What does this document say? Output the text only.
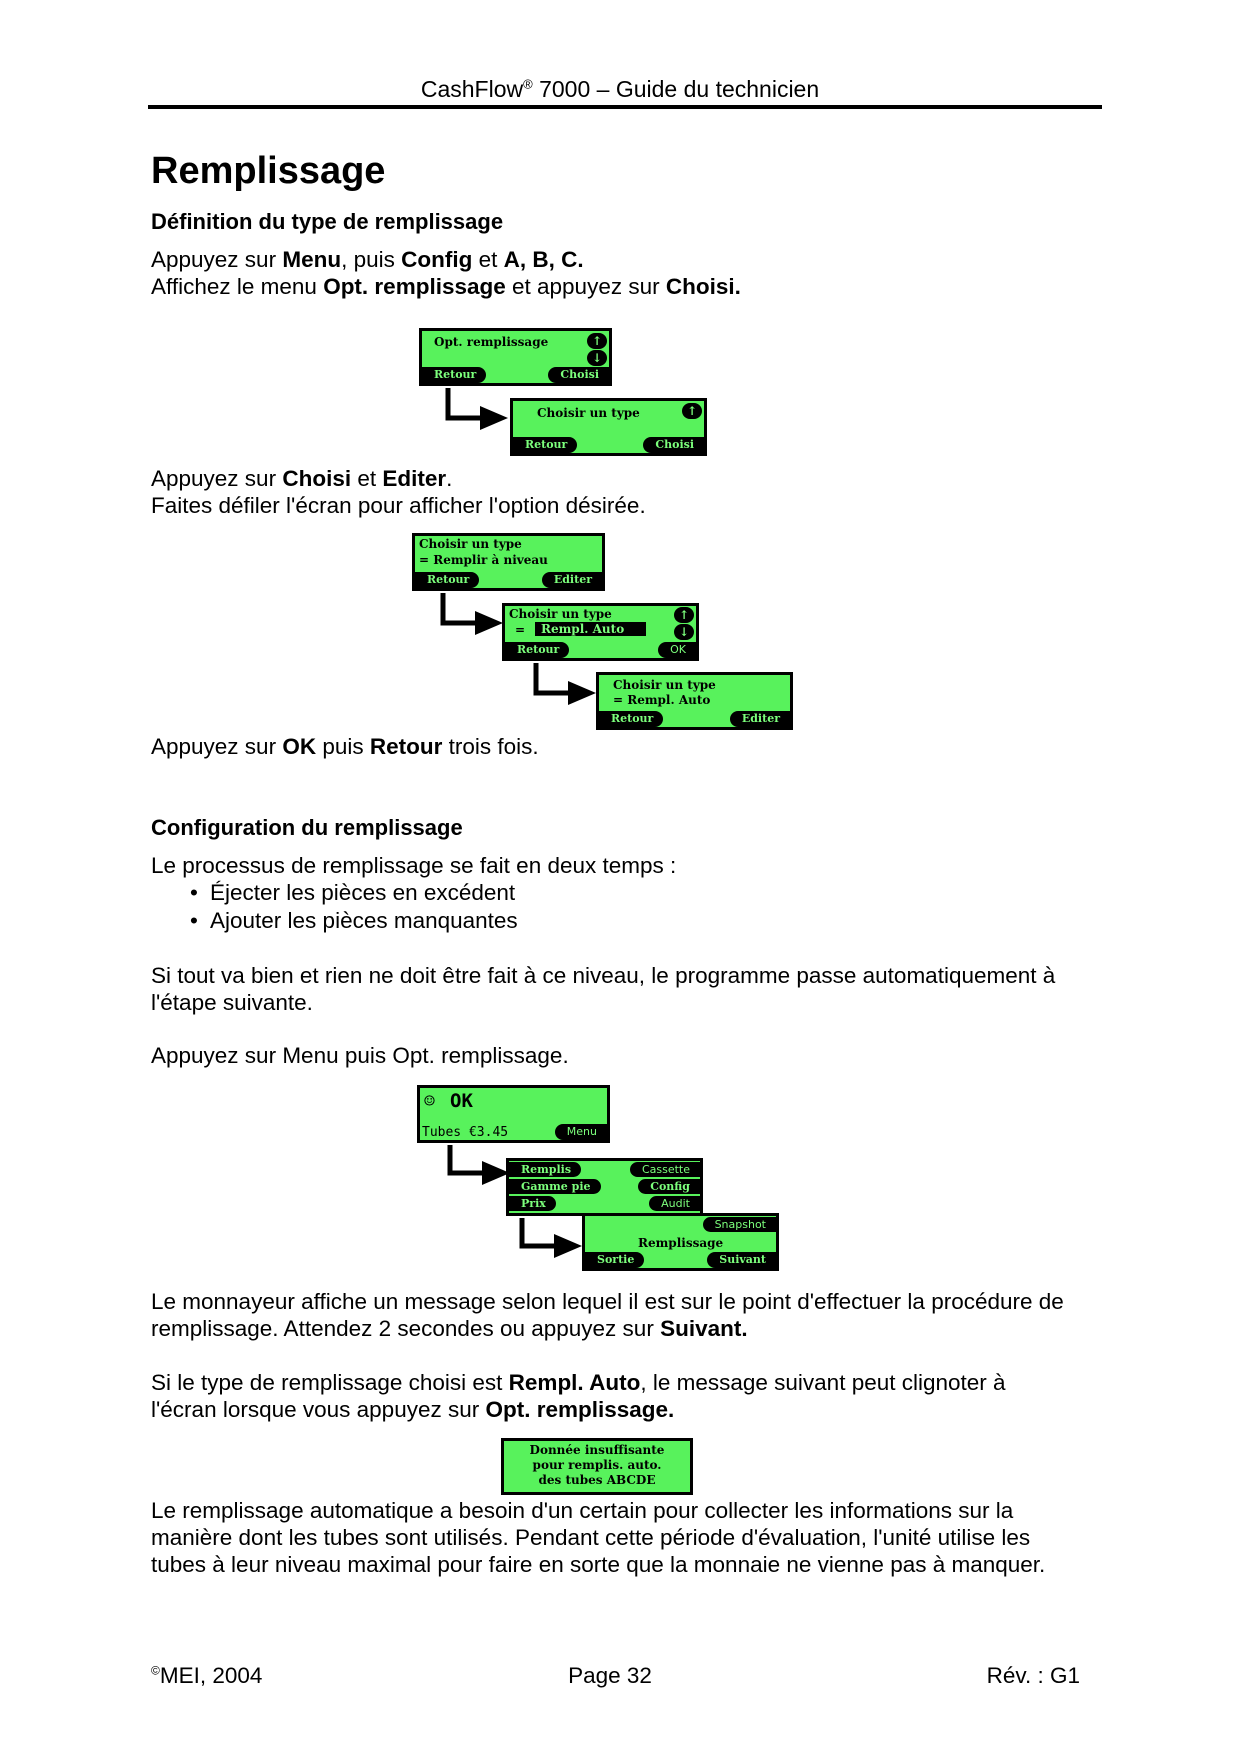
CashFlow® 7000 – Guide du technicien
Remplissage
Définition du type de remplissage
Appuyez sur Menu, puis Config et A, B, C.
Affichez le menu Opt. remplissage et appuyez sur Choisi.
Opt. remplissage	↑
↓
Retour	Choisi
Choisir un type	↑
Retour	Choisi
Appuyez sur Choisi et Editer.
Faites défiler l'écran pour afficher l'option désirée.
Choisir un type
= Remplir à niveau
Retour	Editer
Choisir un type
=	Rempl. Auto
↑
↓
Retour	OK
Choisir un type
= Rempl. Auto
Retour	Editer
Appuyez sur OK puis Retour trois fois.
Configuration du remplissage
Le processus de remplissage se fait en deux temps :
• Éjecter les pièces en excédent
• Ajouter les pièces manquantes
Si tout va bien et rien ne doit être fait à ce niveau, le programme passe automatiquement à
l'étape suivante.
Appuyez sur Menu puis Opt. remplissage.
☺ OK
Tubes €3.45	Menu
Remplis	Cassette
Gamme pie	Config
Prix	Audit
Snapshot
Remplissage
Sortie	Suivant
Le monnayeur affiche un message selon lequel il est sur le point d'effectuer la procédure de
remplissage. Attendez 2 secondes ou appuyez sur Suivant.
Si le type de remplissage choisi est Rempl. Auto, le message suivant peut clignoter à
l'écran lorsque vous appuyez sur Opt. remplissage.
Donnée insuffisante
pour remplis. auto.
des tubes ABCDE
Le remplissage automatique a besoin d'un certain pour collecter les informations sur la
manière dont les tubes sont utilisés. Pendant cette période d'évaluation, l'unité utilise les
tubes à leur niveau maximal pour faire en sorte que la monnaie ne vienne pas à manquer.
©MEI, 2004	Page 32	Rév. : G1
